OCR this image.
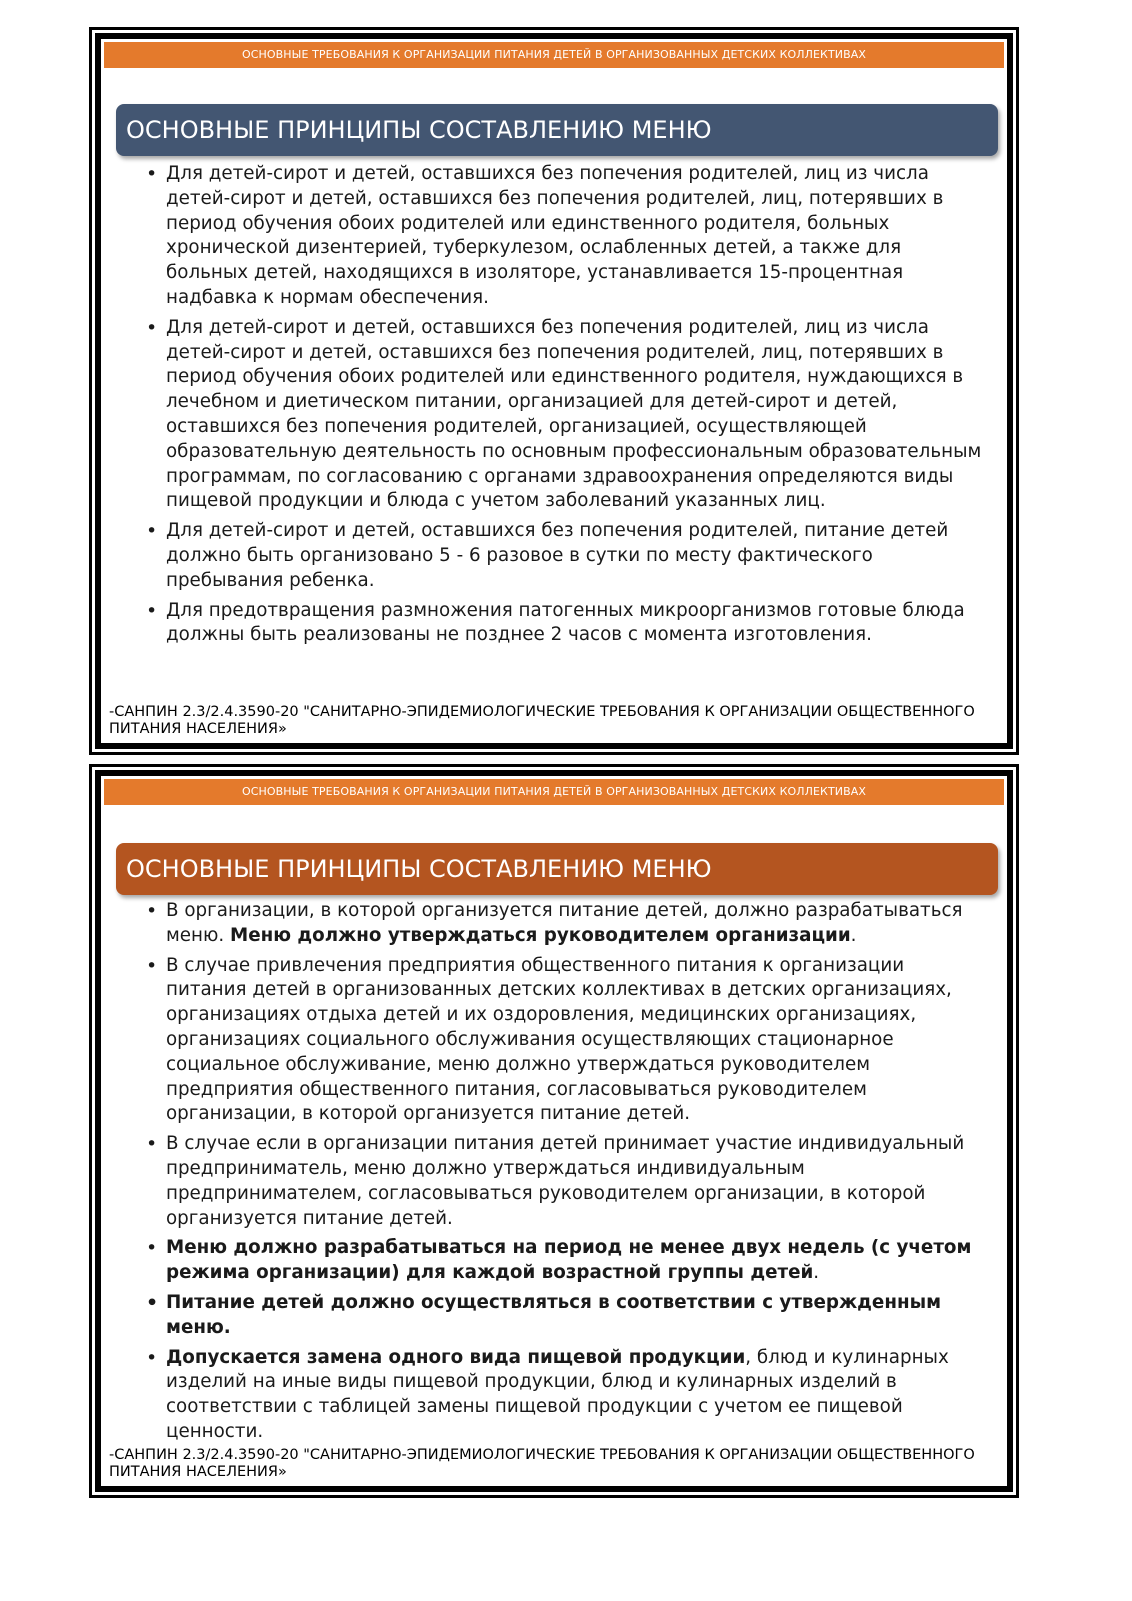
ОСНОВНЫЕ ТРЕБОВАНИЯ К ОРГАНИЗАЦИИ ПИТАНИЯ ДЕТЕЙ В ОРГАНИЗОВАННЫХ ДЕТСКИХ КОЛЛЕКТИВАХ
ОСНОВНЫЕ ПРИНЦИПЫ СОСТАВЛЕНИЮ МЕНЮ
• Для детей-сирот и детей, оставшихся без попечения родителей, лиц из числа детей-сирот и детей, оставшихся без попечения родителей, лиц, потерявших в период обучения обоих родителей или единственного родителя, больных хронической дизентерией, туберкулезом, ослабленных детей, а также для больных детей, находящихся в изоляторе, устанавливается 15-процентная надбавка к нормам обеспечения.
• Для детей-сирот и детей, оставшихся без попечения родителей, лиц из числа детей-сирот и детей, оставшихся без попечения родителей, лиц, потерявших в период обучения обоих родителей или единственного родителя, нуждающихся в лечебном и диетическом питании, организацией для детей-сирот и детей, оставшихся без попечения родителей, организацией, осуществляющей образовательную деятельность по основным профессиональным образовательным программам, по согласованию с органами здравоохранения определяются виды пищевой продукции и блюда с учетом заболеваний указанных лиц.
• Для детей-сирот и детей, оставшихся без попечения родителей, питание детей должно быть организовано 5 - 6 разовое в сутки по месту фактического пребывания ребенка.
• Для предотвращения размножения патогенных микроорганизмов готовые блюда должны быть реализованы не позднее 2 часов с момента изготовления.
-САНПИН 2.3/2.4.3590-20 "САНИТАРНО-ЭПИДЕМИОЛОГИЧЕСКИЕ ТРЕБОВАНИЯ К ОРГАНИЗАЦИИ ОБЩЕСТВЕННОГО ПИТАНИЯ НАСЕЛЕНИЯ»
ОСНОВНЫЕ ТРЕБОВАНИЯ К ОРГАНИЗАЦИИ ПИТАНИЯ ДЕТЕЙ В ОРГАНИЗОВАННЫХ ДЕТСКИХ КОЛЛЕКТИВАХ
ОСНОВНЫЕ ПРИНЦИПЫ СОСТАВЛЕНИЮ МЕНЮ
• В организации, в которой организуется питание детей, должно разрабатываться меню. Меню должно утверждаться руководителем организации.
• В случае привлечения предприятия общественного питания к организации питания детей в организованных детских коллективах в детских организациях, организациях отдыха детей и их оздоровления, медицинских организациях, организациях социального обслуживания осуществляющих стационарное социальное обслуживание, меню должно утверждаться руководителем предприятия общественного питания, согласовываться руководителем организации, в которой организуется питание детей.
• В случае если в организации питания детей принимает участие индивидуальный предприниматель, меню должно утверждаться индивидуальным предпринимателем, согласовываться руководителем организации, в которой организуется питание детей.
• Меню должно разрабатываться на период не менее двух недель (с учетом режима организации) для каждой возрастной группы детей.
• Питание детей должно осуществляться в соответствии с утвержденным меню.
• Допускается замена одного вида пищевой продукции, блюд и кулинарных изделий на иные виды пищевой продукции, блюд и кулинарных изделий в соответствии с таблицей замены пищевой продукции с учетом ее пищевой ценности.
-САНПИН 2.3/2.4.3590-20 "САНИТАРНО-ЭПИДЕМИОЛОГИЧЕСКИЕ ТРЕБОВАНИЯ К ОРГАНИЗАЦИИ ОБЩЕСТВЕННОГО ПИТАНИЯ НАСЕЛЕНИЯ»
